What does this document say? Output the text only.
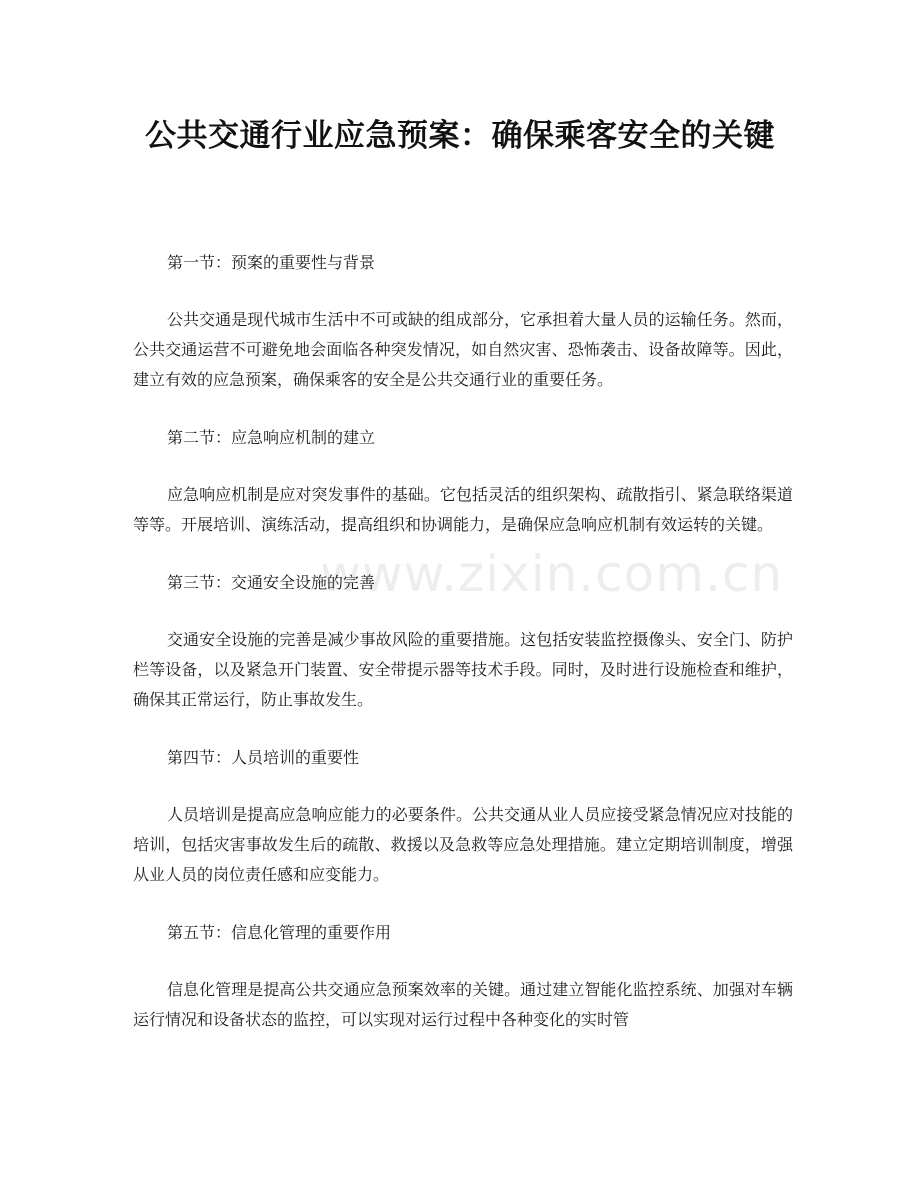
公共交通行业应急预案：确保乘客安全的关键
第一节：预案的重要性与背景

公共交通是现代城市生活中不可或缺的组成部分，它承担着大量人员的运输任务。然而，公共交通运营不可避免地会面临各种突发情况，如自然灾害、恐怖袭击、设备故障等。因此，建立有效的应急预案，确保乘客的安全是公共交通行业的重要任务。

第二节：应急响应机制的建立

应急响应机制是应对突发事件的基础。它包括灵活的组织架构、疏散指引、紧急联络渠道等等。开展培训、演练活动，提高组织和协调能力，是确保应急响应机制有效运转的关键。

第三节：交通安全设施的完善

交通安全设施的完善是减少事故风险的重要措施。这包括安装监控摄像头、安全门、防护栏等设备，以及紧急开门装置、安全带提示器等技术手段。同时，及时进行设施检查和维护，确保其正常运行，防止事故发生。

第四节：人员培训的重要性

人员培训是提高应急响应能力的必要条件。公共交通从业人员应接受紧急情况应对技能的培训，包括灾害事故发生后的疏散、救援以及急救等应急处理措施。建立定期培训制度，增强从业人员的岗位责任感和应变能力。

第五节：信息化管理的重要作用

信息化管理是提高公共交通应急预案效率的关键。通过建立智能化监控系统、加强对车辆运行情况和设备状态的监控，可以实现对运行过程中各种变化的实时管

www.zixin.com.cn
